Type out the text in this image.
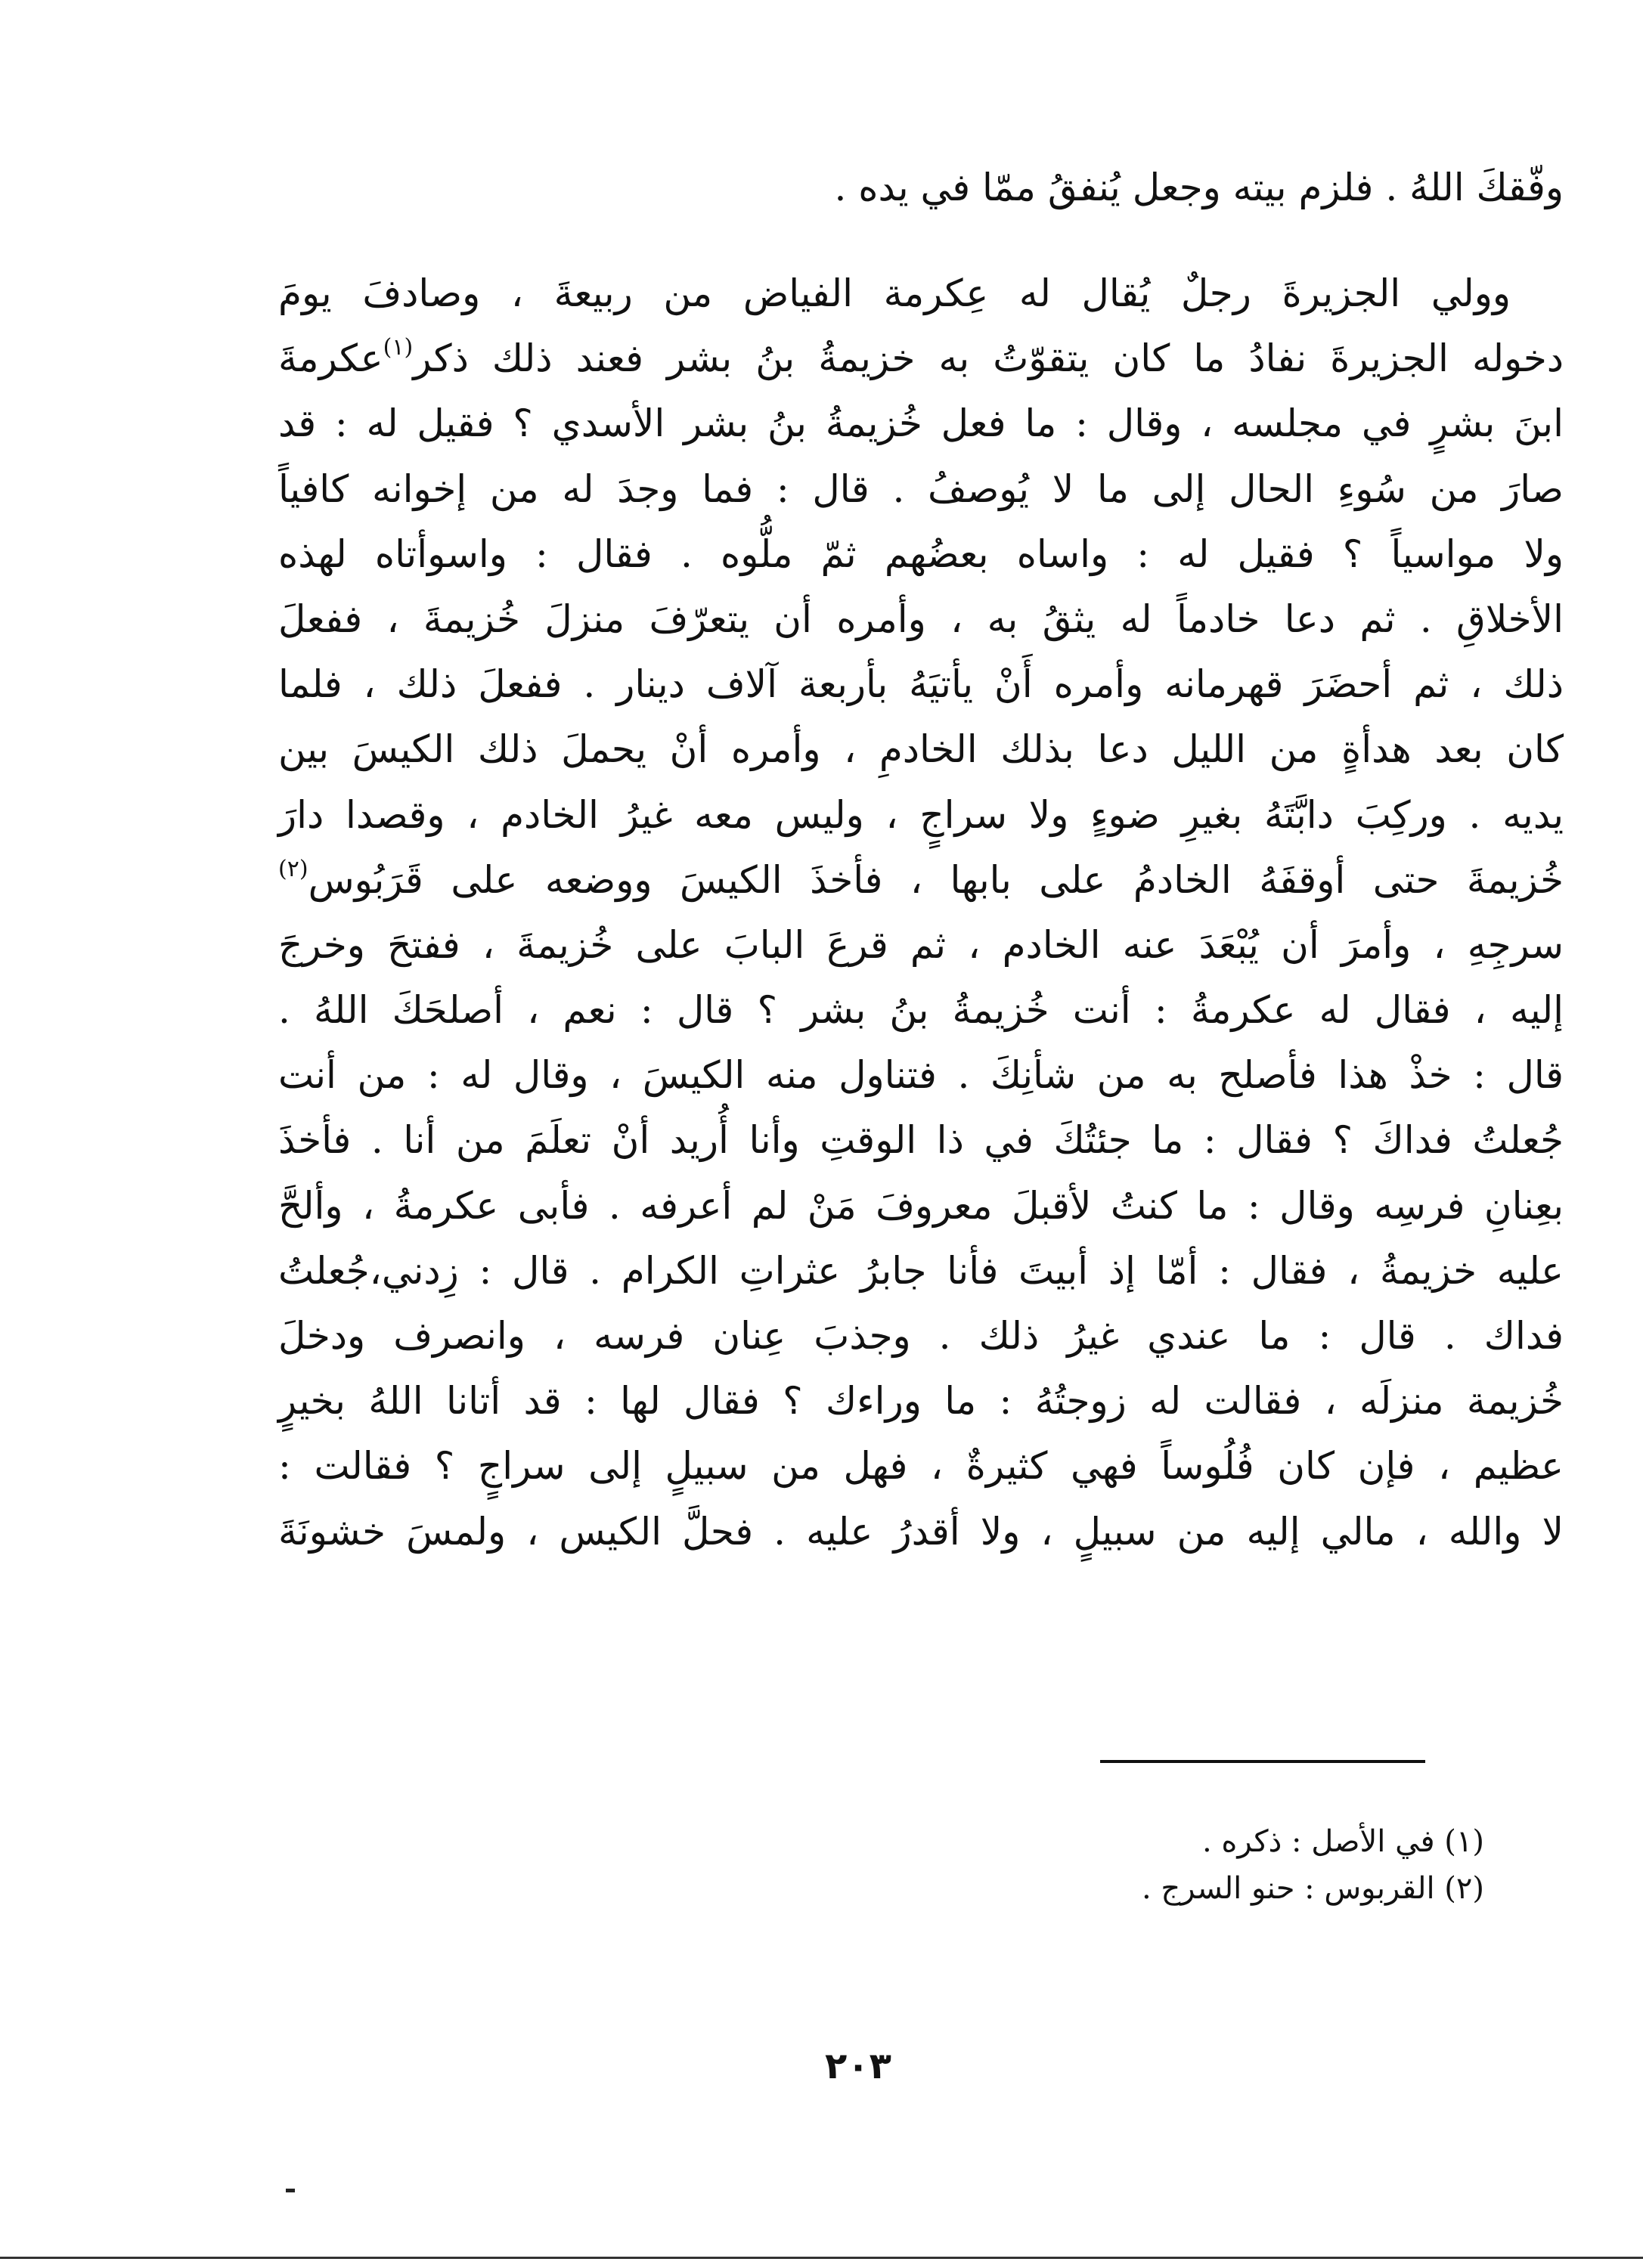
وفّقكَ اللهُ . فلزم بيته وجعل يُنفقُ ممّا في يده .
وولي الجزيرةَ رجلٌ يُقال له عِكرمة الفياض من ربيعةَ ، وصادفَ يومَ
دخوله الجزيرةَ نفادُ ما كان يتقوّتُ به خزيمةُ بنُ بشر فعند ذلك ذكر$^{(١)}$عكرمةَ
ابنَ بشرٍ في مجلسه ، وقال : ما فعل خُزيمةُ بنُ بشر الأسدي ؟ فقيل له : قد
صارَ من سُوءِ الحال إلى ما لا يُوصفُ . قال : فما وجدَ له من إخوانه كافياً
ولا مواسياً ؟ فقيل له : واساه بعضُهم ثمّ ملُّوه . فقال : واسوأتاه لهذه
الأخلاقِ . ثم دعا خادماً له يثقُ به ، وأمره أن يتعرّفَ منزلَ خُزيمةَ ، ففعلَ
ذلك ، ثم أحضَرَ قهرمانه وأمره أَنْ يأتيَهُ بأربعة آلاف دينار . ففعلَ ذلك ، فلما
كان بعد هدأةٍ من الليل دعا بذلك الخادمِ ، وأمره أنْ يحملَ ذلك الكيسَ بين
يديه . وركِبَ دابَّتَهُ بغيرِ ضوءٍ ولا سراجٍ ، وليس معه غيرُ الخادم ، وقصدا دارَ
خُزيمةَ حتى أوقفَهُ الخادمُ على بابها ، فأخذَ الكيسَ ووضعه على قَرَبُوس$^{(٢)}$
سرجِهِ ، وأمرَ أن يُبْعَدَ عنه الخادم ، ثم قرعَ البابَ على خُزيمةَ ، ففتحَ وخرجَ
إليه ، فقال له عكرمةُ : أنت خُزيمةُ بنُ بشر ؟ قال : نعم ، أصلحَكَ اللهُ .
قال : خذْ هذا فأصلح به من شأنِكَ . فتناول منه الكيسَ ، وقال له : من أنت
جُعلتُ فداكَ ؟ فقال : ما جئتُكَ في ذا الوقتِ وأنا أُريد أنْ تعلَمَ من أنا . فأخذَ
بعِنانِ فرسِه وقال : ما كنتُ لأقبلَ معروفَ مَنْ لم أعرفه . فأبى عكرمةُ ، وألحَّ
عليه خزيمةُ ، فقال : أمّا إذ أبيتَ فأنا جابرُ عثراتِ الكرام . قال : زِدني،جُعلتُ
فداك . قال : ما عندي غيرُ ذلك . وجذبَ عِنان فرسه ، وانصرف ودخلَ
خُزيمة منزلَه ، فقالت له زوجتُهُ : ما وراءك ؟ فقال لها : قد أتانا اللهُ بخيرٍ
عظيم ، فإن كان فُلُوساً فهي كثيرةٌ ، فهل من سبيلٍ إلى سراجٍ ؟ فقالت :
لا والله ، مالي إليه من سبيلٍ ، ولا أقدرُ عليه . فحلَّ الكيس ، ولمسَ خشونَةَ
(١) في الأصل : ذكره .
(٢) القربوس : حنو السرج .
٢٠٣
